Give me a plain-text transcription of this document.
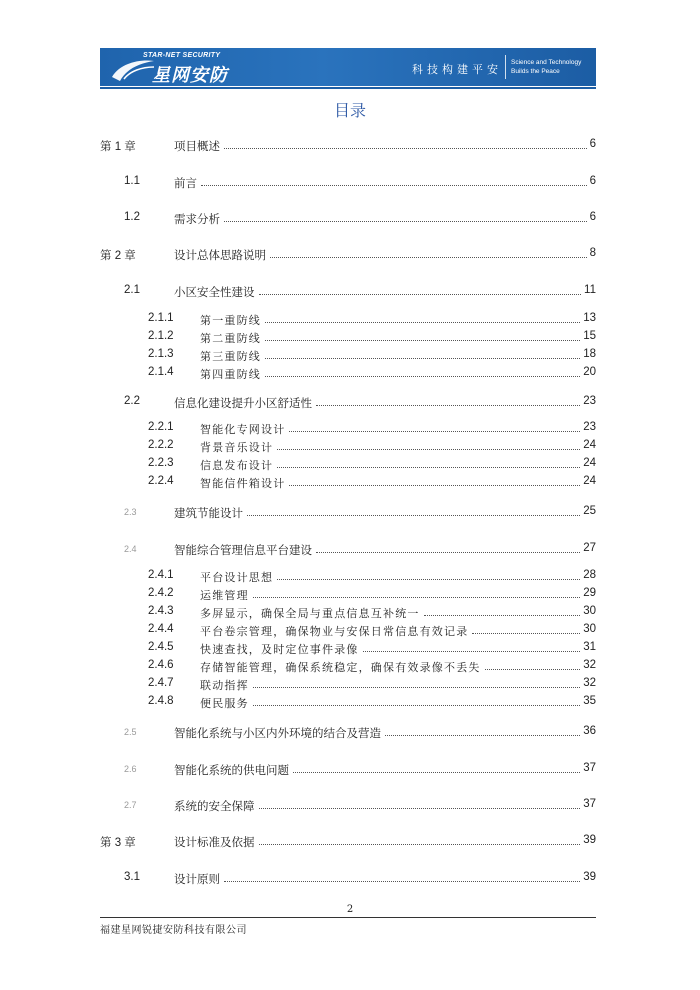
STAR-NET SECURITY
星网安防	科技构建平安
Science and Technology
Builds the Peace
目录
第 1 章	项目概述	6
1.1	前言	6
1.2	需求分析	6
第 2 章	设计总体思路说明	8
2.1	小区安全性建设	11
2.1.1 第一重防线	13
2.1.2 第二重防线	15
2.1.3 第三重防线	18
2.1.4 第四重防线	20
2.2	信息化建设提升小区舒适性	23
2.2.1 智能化专网设计	23
2.2.2 背景音乐设计	24
2.2.3 信息发布设计	24
2.2.4 智能信件箱设计	24
2.3	建筑节能设计	25
2.4	智能综合管理信息平台建设	27
2.4.1 平台设计思想	28
2.4.2 运维管理	29
2.4.3 多屏显示，确保全局与重点信息互补统一	30
2.4.4 平台卷宗管理，确保物业与安保日常信息有效记录	30
2.4.5 快速查找，及时定位事件录像	31
2.4.6 存储智能管理，确保系统稳定，确保有效录像不丢失	32
2.4.7 联动指挥	32
2.4.8 便民服务	35
2.5	智能化系统与小区内外环境的结合及营造	36
2.6	智能化系统的供电问题	37
2.7	系统的安全保障	37
第 3 章	设计标准及依据	39
3.1	设计原则	39
2
福建星网锐捷安防科技有限公司
